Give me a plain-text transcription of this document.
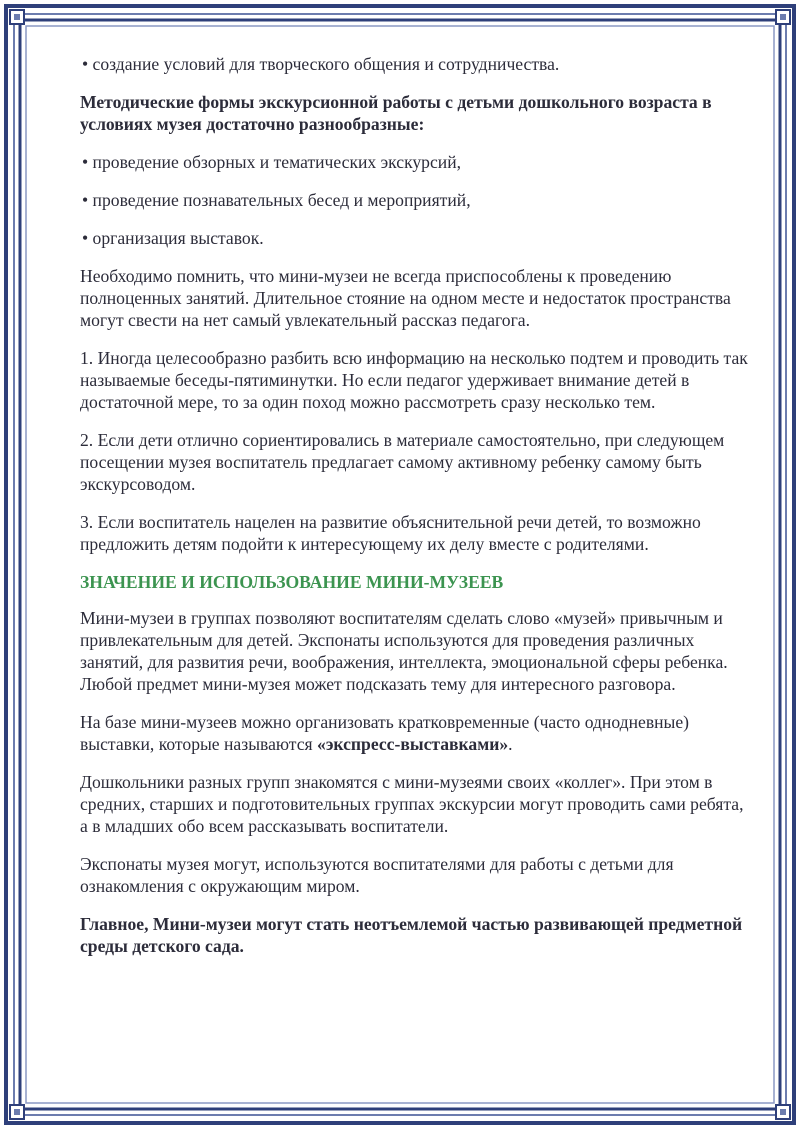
• создание условий для творческого общения и сотрудничества.

Методические формы экскурсионной работы с детьми дошкольного возраста в условиях музея достаточно разнообразные:

• проведение обзорных и тематических экскурсий,

• проведение познавательных бесед и мероприятий,

• организация выставок.

Необходимо помнить, что мини-музеи не всегда приспособлены к проведению полноценных занятий. Длительное стояние на одном месте и недостаток пространства могут свести на нет самый увлекательный рассказ педагога.

1. Иногда целесообразно разбить всю информацию на несколько подтем и проводить так называемые беседы-пятиминутки. Но если педагог удерживает внимание детей в достаточной мере, то за один поход можно рассмотреть сразу несколько тем.

2. Если дети отлично сориентировались в материале самостоятельно, при следующем посещении музея воспитатель предлагает самому активному ребенку самому быть экскурсоводом.

3. Если воспитатель нацелен на развитие объяснительной речи детей, то возможно предложить детям подойти к интересующему их делу вместе с родителями.

ЗНАЧЕНИЕ И ИСПОЛЬЗОВАНИЕ МИНИ-МУЗЕЕВ

Мини-музеи в группах позволяют воспитателям сделать слово «музей» привычным и привлекательным для детей. Экспонаты используются для проведения различных занятий, для развития речи, воображения, интеллекта, эмоциональной сферы ребенка. Любой предмет мини-музея может подсказать тему для интересного разговора.

На базе мини-музеев можно организовать кратковременные (часто однодневные) выставки, которые называются «экспресс-выставками».

Дошкольники разных групп знакомятся с мини-музеями своих «коллег». При этом в средних, старших и подготовительных группах экскурсии могут проводить сами ребята, а в младших обо всем рассказывать воспитатели.

Экспонаты музея могут, используются воспитателями для работы с детьми для ознакомления с окружающим миром.

Главное, Мини-музеи могут стать неотъемлемой частью развивающей предметной среды детского сада.
